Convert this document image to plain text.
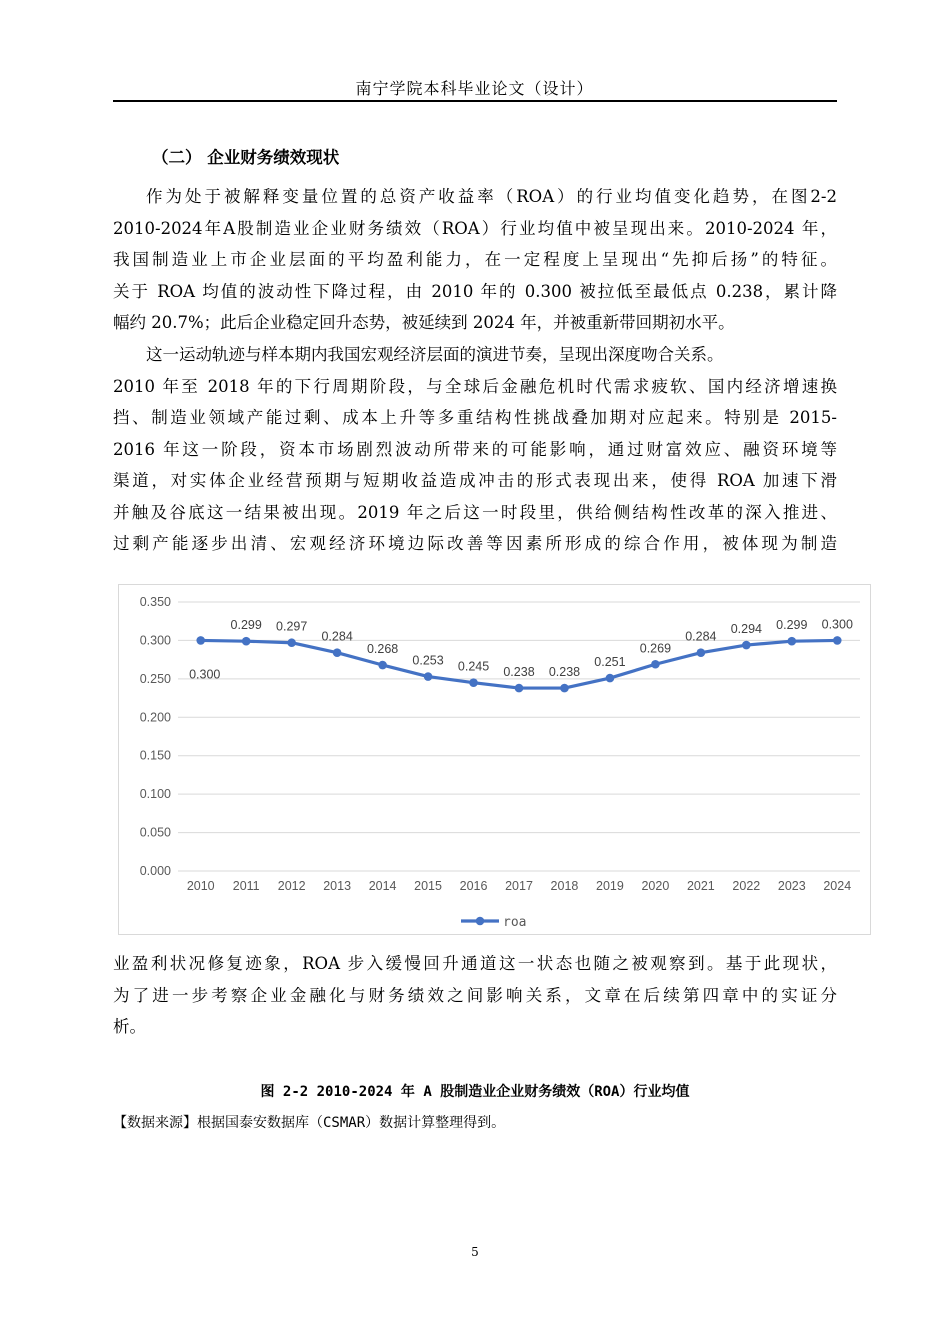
南宁学院本科毕业论文（设计）
（二） 企业财务绩效现状
作为处于被解释变量位置的总资产收益率（ROA）的行业均值变化趋势，在图2-2
2010-2024年A股制造业企业财务绩效（ROA）行业均值中被呈现出来。2010-2024 年，
我国制造业上市企业层面的平均盈利能力，在一定程度上呈现出“先抑后扬”的特征。
关于 ROA 均值的波动性下降过程，由 2010 年的 0.300 被拉低至最低点 0.238，累计降
幅约 20.7%；此后企业稳定回升态势，被延续到 2024 年，并被重新带回期初水平。
这一运动轨迹与样本期内我国宏观经济层面的演进节奏，呈现出深度吻合关系。
2010 年至 2018 年的下行周期阶段，与全球后金融危机时代需求疲软、国内经济增速换
挡、制造业领域产能过剩、成本上升等多重结构性挑战叠加期对应起来。特别是 2015-
2016 年这一阶段，资本市场剧烈波动所带来的可能影响，通过财富效应、融资环境等
渠道，对实体企业经营预期与短期收益造成冲击的形式表现出来，使得 ROA 加速下滑
并触及谷底这一结果被出现。2019 年之后这一时段里，供给侧结构性改革的深入推进、
过剩产能逐步出清、宏观经济环境边际改善等因素所形成的综合作用，被体现为制造
0.000
0.050
0.100
0.150
0.200
0.250
0.300
0.350
2010 2011 2012 2013 2014 2015 2016 2017 2018 2019 2020 2021 2022 2023 2024
0.300
0.299 0.297
0.284
0.268
0.253 0.245 0.238 0.238
0.251
0.269
0.284
0.294 0.299 0.300
roa
业盈利状况修复迹象，ROA 步入缓慢回升通道这一状态也随之被观察到。基于此现状，
为了进一步考察企业金融化与财务绩效之间影响关系，文章在后续第四章中的实证分
析。
图 2-2 2010-2024 年 A 股制造业企业财务绩效（ROA）行业均值
【数据来源】根据国泰安数据库（CSMAR）数据计算整理得到。
5
